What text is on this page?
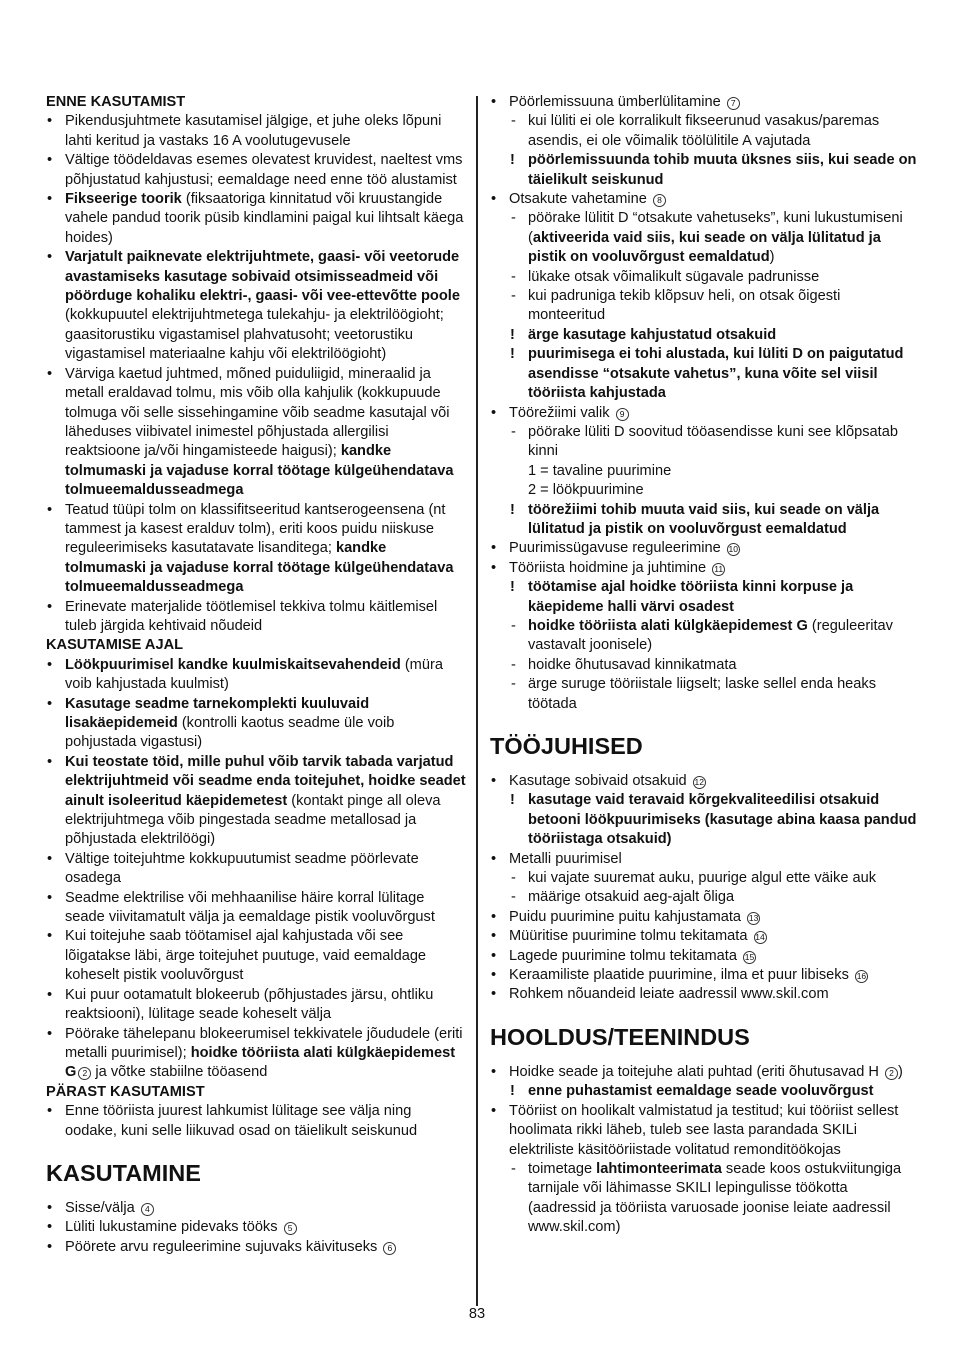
ENNE KASUTAMIST
• Pikendusjuhtmete kasutamisel jälgige, et juhe oleks lõpuni lahti keritud ja vastaks 16 A voolutugevusele
• Vältige töödeldavas esemes olevatest kruvidest, naeltest vms põhjustatud kahjustusi; eemaldage need enne töö alustamist
• Fikseerige toorik (fiksaatoriga kinnitatud või kruustangide vahele pandud toorik püsib kindlamini paigal kui lihtsalt käega hoides)
• Varjatult paiknevate elektrijuhtmete, gaasi- või veetorude avastamiseks kasutage sobivaid otsimisseadmeid või pöörduge kohaliku elektri-, gaasi- või vee-ettevõtte poole (kokkupuutel elektrijuhtmetega tulekahju- ja elektrilöögioht; gaasitorustiku vigastamisel plahvatusoht; veetorustiku vigastamisel materiaalne kahju või elektrilöögioht)
• Värviga kaetud juhtmed, mõned puiduliigid, mineraalid ja metall eraldavad tolmu, mis võib olla kahjulik (kokkupuude tolmuga või selle sissehingamine võib seadme kasutajal või läheduses viibivatel inimestel põhjustada allergilisi reaktsioone ja/või hingamisteede haigusi); kandke tolmumaski ja vajaduse korral töötage külgeühendatava tolmueemaldusseadmega
• Teatud tüüpi tolm on klassifitseeritud kantserogeensena (nt tammest ja kasest eralduv tolm), eriti koos puidu niiskuse reguleerimiseks kasutatavate lisanditega; kandke tolmumaski ja vajaduse korral töötage külgeühendatava tolmueemaldusseadmega
• Erinevate materjalide töötlemisel tekkiva tolmu käitlemisel tuleb järgida kehtivaid nõudeid
KASUTAMISE AJAL
• Löökpuurimisel kandke kuulmiskaitsevahendeid (müra voib kahjustada kuulmist)
• Kasutage seadme tarnekomplekti kuuluvaid lisakäepidemeid (kontrolli kaotus seadme üle voib pohjustada vigastusi)
• Kui teostate töid, mille puhul võib tarvik tabada varjatud elektrijuhtmeid või seadme enda toitejuhet, hoidke seadet ainult isoleeritud käepidemetest (kontakt pinge all oleva elektrijuhtmega võib pingestada seadme metallosad ja põhjustada elektrilöögi)
• Vältige toitejuhtme kokkupuutumist seadme pöörlevate osadega
• Seadme elektrilise või mehhaanilise häire korral lülitage seade viivitamatult välja ja eemaldage pistik vooluvõrgust
• Kui toitejuhe saab töötamisel ajal kahjustada või see lõigatakse läbi, ärge toitejuhet puutuge, vaid eemaldage koheselt pistik vooluvõrgust
• Kui puur ootamatult blokeerub (põhjustades järsu, ohtliku reaktsiooni), lülitage seade koheselt välja
• Pöörake tähelepanu blokeerumisel tekkivatele jõududele (eriti metalli puurimisel); hoidke tööriista alati külgkäepidemest G 2 ja võtke stabiilne tööasend
PÄRAST KASUTAMIST
• Enne tööriista juurest lahkumist lülitage see välja ning oodake, kuni selle liikuvad osad on täielikult seiskunud
KASUTAMINE
• Sisse/välja 4
• Lüliti lukustamine pidevaks tööks 5
• Pöörete arvu reguleerimine sujuvaks käivituseks 6
• Pöörlemissuuna ümberlülitamine 7
- kui lüliti ei ole korralikult fikseerunud vasakus/paremas asendis, ei ole võimalik töölülitile A vajutada
! pöörlemissuunda tohib muuta üksnes siis, kui seade on täielikult seiskunud
• Otsakute vahetamine 8
- pöörake lülitit D “otsakute vahetuseks”, kuni lukustumiseni (aktiveerida vaid siis, kui seade on välja lülitatud ja pistik on vooluvõrgust eemaldatud)
- lükake otsak võimalikult sügavale padrunisse
- kui padruniga tekib klõpsuv heli, on otsak õigesti monteeritud
! ärge kasutage kahjustatud otsakuid
! puurimisega ei tohi alustada, kui lüliti D on paigutatud asendisse “otsakute vahetus”, kuna võite sel viisil tööriista kahjustada
• Töörežiimi valik 9
- pöörake lüliti D soovitud tööasendisse kuni see klõpsatab kinni
1 = tavaline puurimine
2 = löökpuurimine
! töörežiimi tohib muuta vaid siis, kui seade on välja lülitatud ja pistik on vooluvõrgust eemaldatud
• Puurimissügavuse reguleerimine 10
• Tööriista hoidmine ja juhtimine 11
! töötamise ajal hoidke tööriista kinni korpuse ja käepideme halli värvi osadest
- hoidke tööriista alati külgkäepidemest G (reguleeritav vastavalt joonisele)
- hoidke õhutusavad kinnikatmata
- ärge suruge tööriistale liigselt; laske sellel enda heaks töötada
TÖÖJUHISED
• Kasutage sobivaid otsakuid 12
! kasutage vaid teravaid kõrgekvaliteedilisi otsakuid betooni löökpuurimiseks (kasutage abina kaasa pandud tööriistaga otsakuid)
• Metalli puurimisel
- kui vajate suuremat auku, puurige algul ette väike auk
- määrige otsakuid aeg-ajalt õliga
• Puidu puurimine puitu kahjustamata 13
• Müüritise puurimine tolmu tekitamata 14
• Lagede puurimine tolmu tekitamata 15
• Keraamiliste plaatide puurimine, ilma et puur libiseks 16
• Rohkem nõuandeid leiate aadressil www.skil.com
HOOLDUS/TEENINDUS
• Hoidke seade ja toitejuhe alati puhtad (eriti õhutusavad H 2 )
! enne puhastamist eemaldage seade vooluvõrgust
• Tööriist on hoolikalt valmistatud ja testitud; kui tööriist sellest hoolimata rikki läheb, tuleb see lasta parandada SKILi elektriliste käsitööriistade volitatud remonditöökojas
- toimetage lahtimonteerimata seade koos ostukviitungiga tarnijale või lähimasse SKILI lepingulisse töökotta (aadressid ja tööriista varuosade joonise leiate aadressil www.skil.com)
83
